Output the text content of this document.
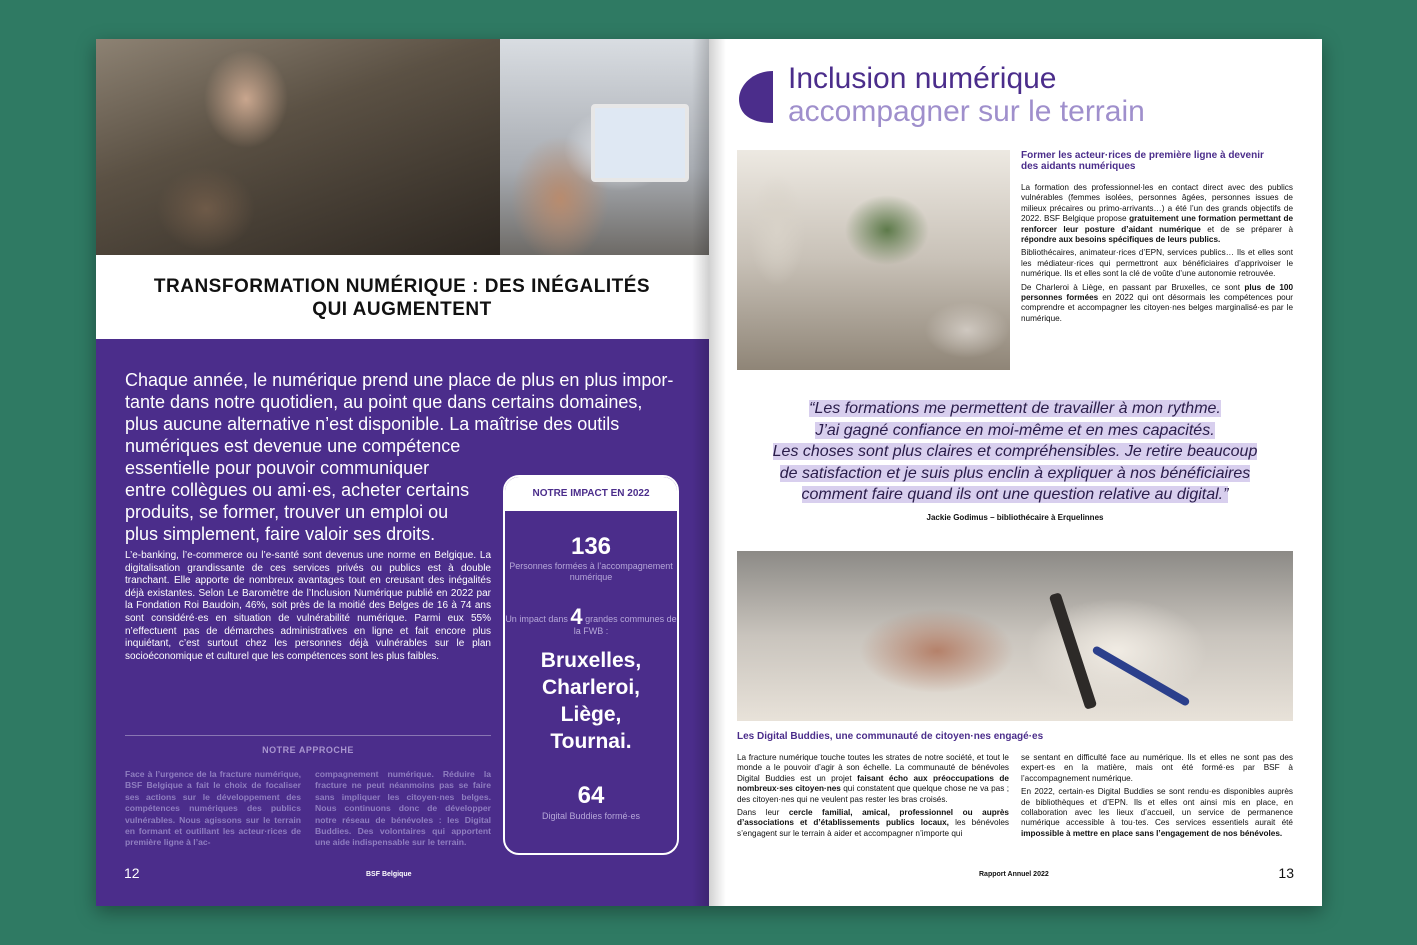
TRANSFORMATION NUMÉRIQUE : DES INÉGALITÉS QUI AUGMENTENT
Chaque année, le numérique prend une place de plus en plus impor-
tante dans notre quotidien, au point que dans certains domaines,
plus aucune alternative n’est disponible. La maîtrise des outils
numériques est devenue une compétence
essentielle pour pouvoir communiquer
entre collègues ou ami·es, acheter certains
produits, se former, trouver un emploi ou
plus simplement, faire valoir ses droits.
L’e-banking, l’e-commerce ou l’e-santé sont devenus une norme en Belgique. La digitalisation grandissante de ces services privés ou publics est à double tranchant. Elle apporte de nombreux avantages tout en creusant des inégalités déjà existantes. Selon Le Baromètre de l’Inclusion Numérique publié en 2022 par la Fondation Roi Baudoin, 46%, soit près de la moitié des Belges de 16 à 74 ans sont considéré·es en situation de vulnérabilité numérique. Parmi eux 55% n’effectuent pas de démarches administratives en ligne et fait encore plus inquiétant, c’est surtout chez les personnes déjà vulnérables sur le plan socioéconomique et culturel que les compétences sont les plus faibles.
NOTRE APPROCHE
Face à l’urgence de la fracture numérique, BSF Belgique a fait le choix de focaliser ses actions sur le développement des compétences numériques des publics vulnérables. Nous agissons sur le terrain en formant et outillant les acteur·rices de première ligne à l’ac-
compagnement numérique. Réduire la fracture ne peut néanmoins pas se faire sans impliquer les citoyen·nes belges. Nous continuons donc de développer notre réseau de bénévoles : les Digital Buddies. Des volontaires qui apportent une aide indispensable sur le terrain.
NOTRE IMPACT EN 2022
136
Personnes formées à l’accompagnement numérique
Un impact dans 4 grandes communes de la FWB :
Bruxelles,
Charleroi,
Liège,
Tournai.
64
Digital Buddies formé·es
12	BSF Belgique
Inclusion numérique
accompagner sur le terrain
Former les acteur·rices de première ligne à devenir des aidants numériques

La formation des professionnel·les en contact direct avec des publics vulnérables (femmes isolées, personnes âgées, personnes issues de milieux précaires ou primo-arrivants…) a été l’un des grands objectifs de 2022. BSF Belgique propose gratuitement une formation permettant de renforcer leur posture d’aidant numérique et de se préparer à répondre aux besoins spécifiques de leurs publics.

Bibliothécaires, animateur·rices d’EPN, services publics… Ils et elles sont les médiateur·rices qui permettront aux bénéficiaires d’apprivoiser le numérique. Ils et elles sont la clé de voûte d’une autonomie retrouvée.

De Charleroi à Liège, en passant par Bruxelles, ce sont plus de 100 personnes formées en 2022 qui ont désormais les compétences pour comprendre et accompagner les citoyen·nes belges marginalisé·es par le numérique.

“Les formations me permettent de travailler à mon rythme.
J’ai gagné confiance en moi-même et en mes capacités.
Les choses sont plus claires et compréhensibles. Je retire beaucoup
de satisfaction et je suis plus enclin à expliquer à nos bénéficiaires
comment faire quand ils ont une question relative au digital.”
Jackie Godimus – bibliothécaire à Erquelinnes
Les Digital Buddies, une communauté de citoyen·nes engagé·es

La fracture numérique touche toutes les strates de notre société, et tout le monde a le pouvoir d’agir à son échelle. La communauté de bénévoles Digital Buddies est un projet faisant écho aux préoccupations de nombreux·ses citoyen·nes qui constatent que quelque chose ne va pas ; des citoyen·nes qui ne veulent pas rester les bras croisés.

Dans leur cercle familial, amical, professionnel ou auprès d’associations et d’établissements publics locaux, les bénévoles s’engagent sur le terrain à aider et accompagner n’importe qui

se sentant en difficulté face au numérique. Ils et elles ne sont pas des expert·es en la matière, mais ont été formé·es par BSF à l’accompagnement numérique.

En 2022, certain·es Digital Buddies se sont rendu·es disponibles auprès de bibliothèques et d’EPN. Ils et elles ont ainsi mis en place, en collaboration avec les lieux d’accueil, un service de permanence numérique accessible à tou·tes. Ces services essentiels aurait été impossible à mettre en place sans l’engagement de nos bénévoles.

Rapport Annuel 2022	13
